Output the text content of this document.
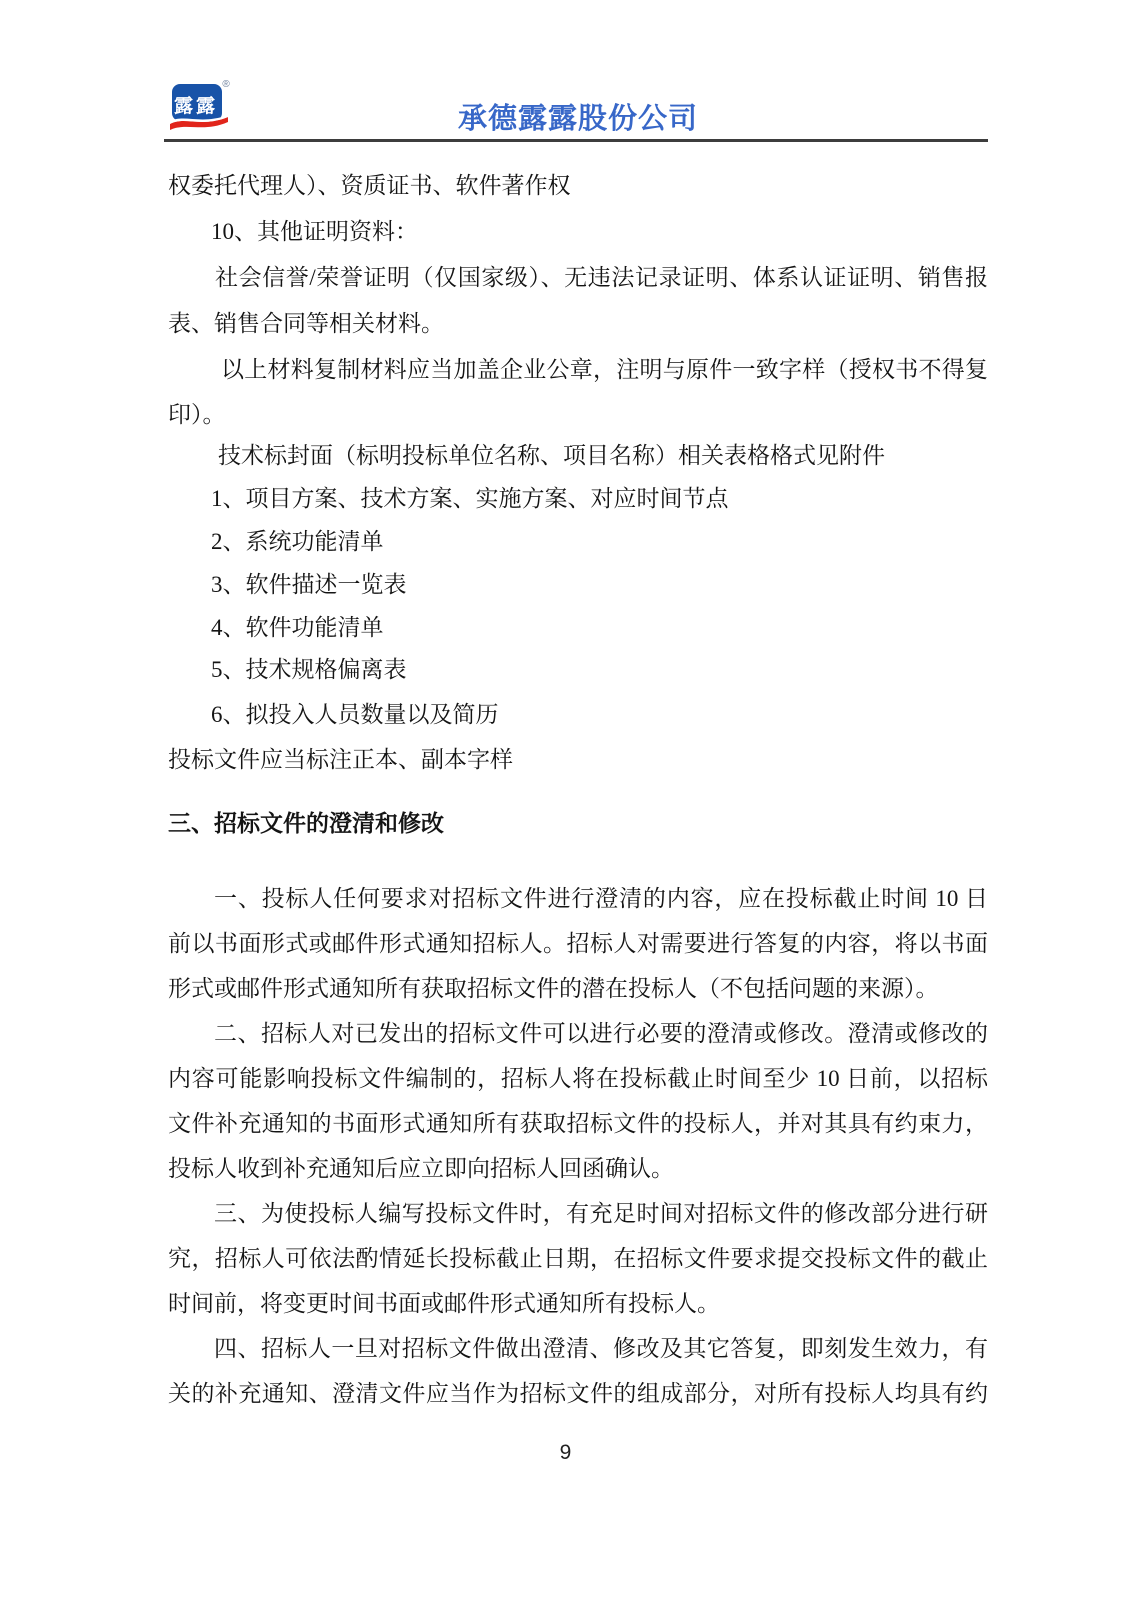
露露
®
承德露露股份公司
权委托代理人）、资质证书、软件著作权
10、其他证明资料：
社会信誉/荣誉证明（仅国家级）、无违法记录证明、体系认证证明、销售报
表、销售合同等相关材料。
以上材料复制材料应当加盖企业公章，注明与原件一致字样（授权书不得复
印）。
技术标封面（标明投标单位名称、项目名称）相关表格格式见附件
1、项目方案、技术方案、实施方案、对应时间节点
2、系统功能清单
3、软件描述一览表
4、软件功能清单
5、技术规格偏离表
6、拟投入人员数量以及简历
投标文件应当标注正本、副本字样
三、招标文件的澄清和修改
一、投标人任何要求对招标文件进行澄清的内容，应在投标截止时间 10 日
前以书面形式或邮件形式通知招标人。招标人对需要进行答复的内容，将以书面
形式或邮件形式通知所有获取招标文件的潜在投标人（不包括问题的来源）。
二、招标人对已发出的招标文件可以进行必要的澄清或修改。澄清或修改的
内容可能影响投标文件编制的，招标人将在投标截止时间至少 10 日前，以招标
文件补充通知的书面形式通知所有获取招标文件的投标人，并对其具有约束力，
投标人收到补充通知后应立即向招标人回函确认。
三、为使投标人编写投标文件时，有充足时间对招标文件的修改部分进行研
究，招标人可依法酌情延长投标截止日期，在招标文件要求提交投标文件的截止
时间前，将变更时间书面或邮件形式通知所有投标人。
四、招标人一旦对招标文件做出澄清、修改及其它答复，即刻发生效力，有
关的补充通知、澄清文件应当作为招标文件的组成部分，对所有投标人均具有约
9
